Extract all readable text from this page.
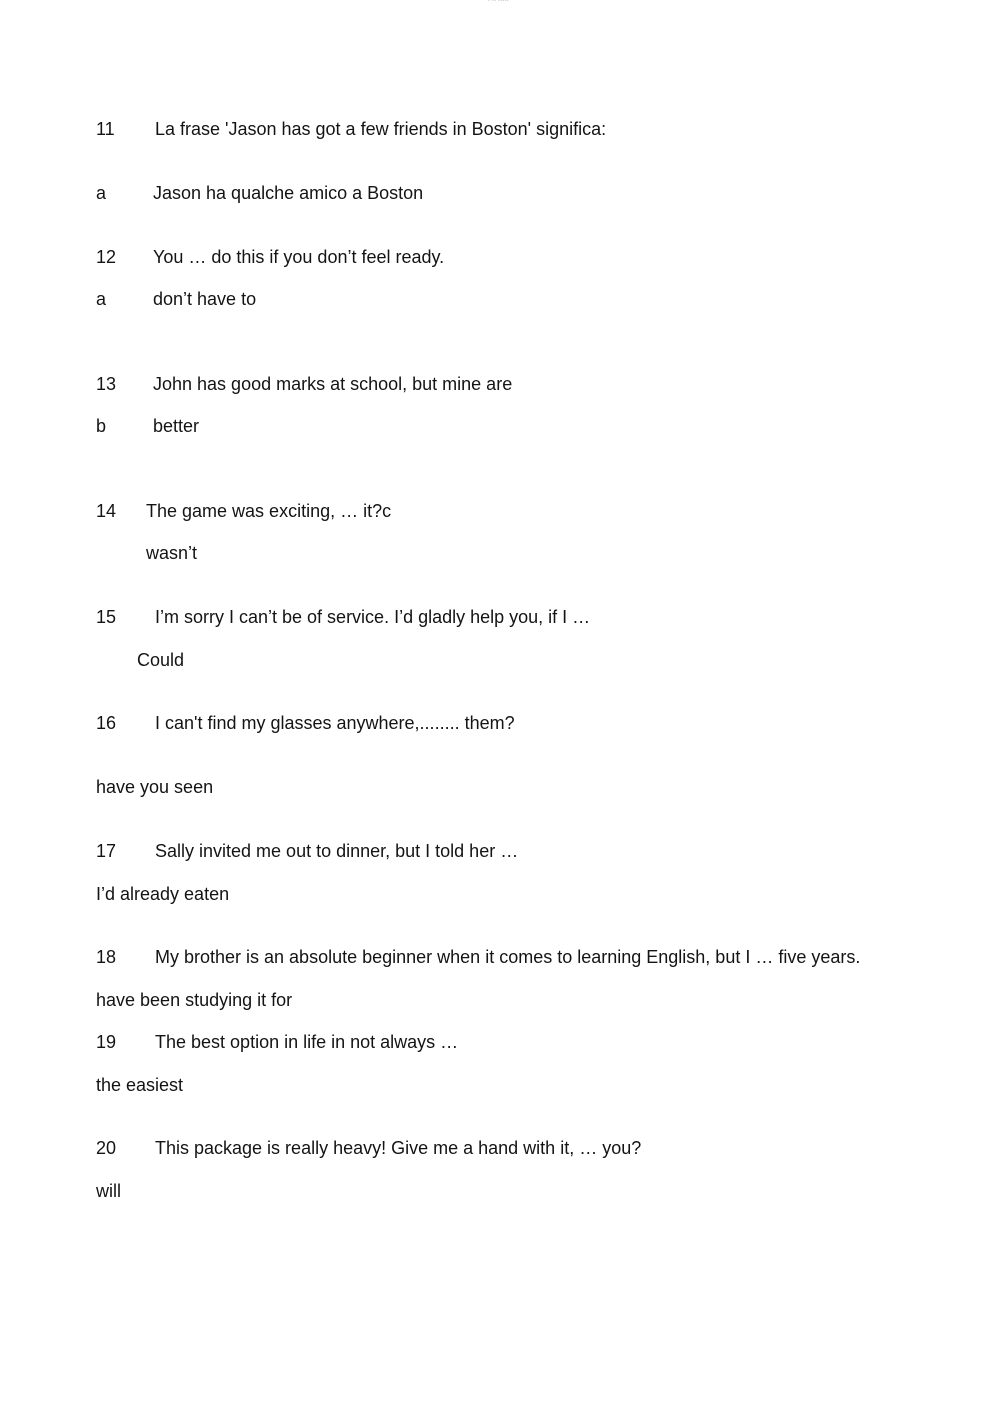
- -- -----
11 La frase 'Jason has got a few friends in Boston' significa:
a	Jason ha qualche amico a Boston
12 You … do this if you don’t feel ready.
a	don’t have to
13 John has good marks at school, but mine are
b	better
14 The game was exciting, … it?c
wasn’t
15 I’m sorry I can’t be of service. I’d gladly help you, if I …
Could
16 I can't find my glasses anywhere,........ them?
have you seen
17 Sally invited me out to dinner, but I told her …
I’d already eaten
18 My brother is an absolute beginner when it comes to learning English, but I … five years.
have been studying it for
19 The best option in life in not always …
the easiest
20 This package is really heavy! Give me a hand with it, … you?
will
